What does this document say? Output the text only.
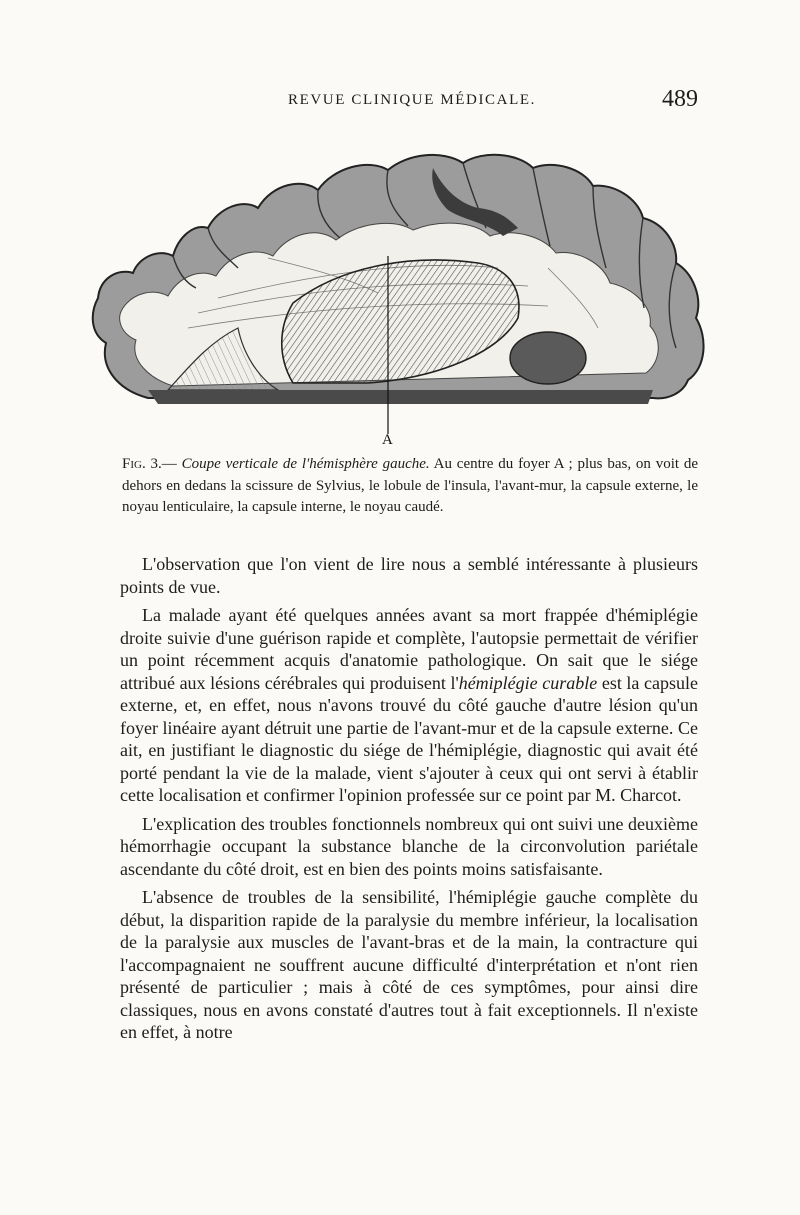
REVUE CLINIQUE MÉDICALE.	489
A
Fig. 3.— Coupe verticale de l'hémisphère gauche. Au centre du foyer A ; plus bas, on voit de dehors en dedans la scissure de Sylvius, le lobule de l'insula, l'avant-mur, la capsule externe, le noyau lenticulaire, la capsule interne, le noyau caudé.

L'observation que l'on vient de lire nous a semblé intéressante à plusieurs points de vue.

La malade ayant été quelques années avant sa mort frappée d'hémiplégie droite suivie d'une guérison rapide et complète, l'autopsie permettait de vérifier un point récemment acquis d'anatomie pathologique. On sait que le siége attribué aux lésions cérébrales qui produisent l'hémiplégie curable est la capsule externe, et, en effet, nous n'avons trouvé du côté gauche d'autre lésion qu'un foyer linéaire ayant détruit une partie de l'avant-mur et de la capsule externe. Ce ait, en justifiant le diagnostic du siége de l'hémiplégie, diagnostic qui avait été porté pendant la vie de la malade, vient s'ajouter à ceux qui ont servi à établir cette localisation et confirmer l'opinion professée sur ce point par M. Charcot.

L'explication des troubles fonctionnels nombreux qui ont suivi une deuxième hémorrhagie occupant la substance blanche de la circonvolution pariétale ascendante du côté droit, est en bien des points moins satisfaisante.

L'absence de troubles de la sensibilité, l'hémiplégie gauche complète du début, la disparition rapide de la paralysie du membre inférieur, la localisation de la paralysie aux muscles de l'avant-bras et de la main, la contracture qui l'accompagnaient ne souffrent aucune difficulté d'interprétation et n'ont rien présenté de particulier ; mais à côté de ces symptômes, pour ainsi dire classiques, nous en avons constaté d'autres tout à fait exceptionnels. Il n'existe en effet, à notre
